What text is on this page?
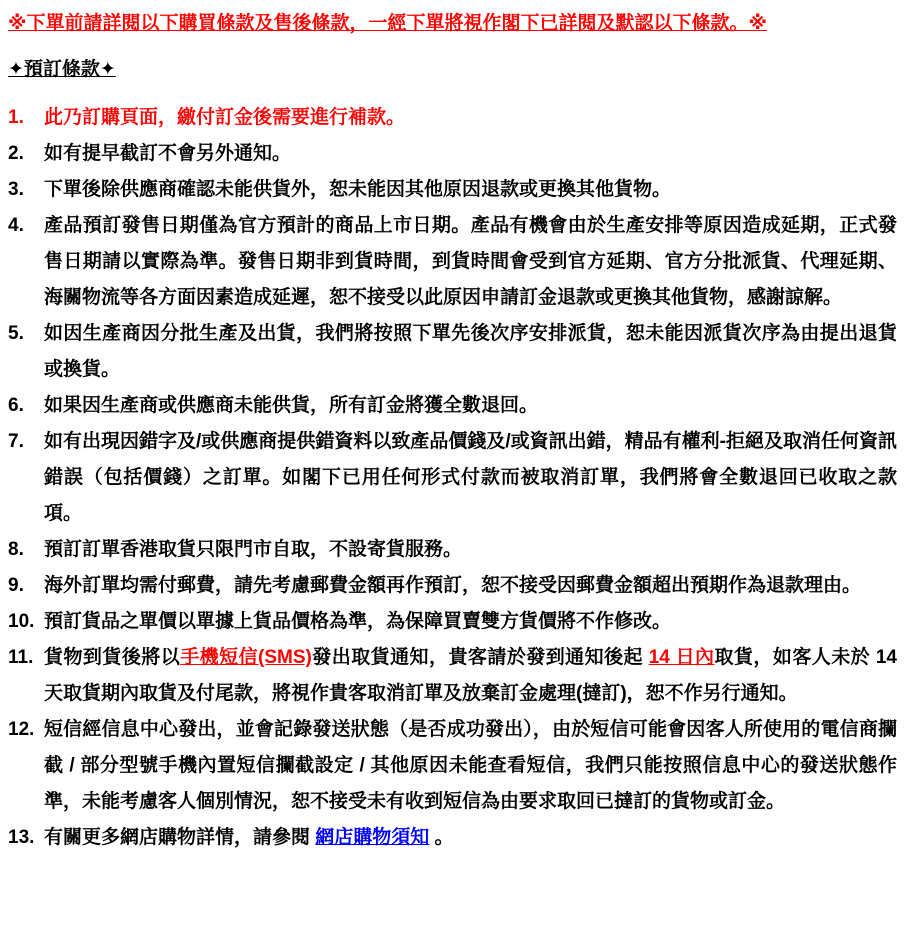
※下單前請詳閱以下購買條款及售後條款，一經下單將視作閣下已詳閱及默認以下條款。※
✦預訂條款✦
1.	此乃訂購頁面，繳付訂金後需要進行補款。
2.	如有提早截訂不會另外通知。
3.	下單後除供應商確認未能供貨外，恕未能因其他原因退款或更換其他貨物。
4.	產品預訂發售日期僅為官方預計的商品上市日期。產品有機會由於生產安排等原因造成延期，正式發售日期請以實際為準。發售日期非到貨時間，到貨時間會受到官方延期、官方分批派貨、代理延期、海關物流等各方面因素造成延遲，恕不接受以此原因申請訂金退款或更換其他貨物，感謝諒解。
5.	如因生產商因分批生產及出貨，我們將按照下單先後次序安排派貨，恕未能因派貨次序為由提出退貨或換貨。
6.	如果因生產商或供應商未能供貨，所有訂金將獲全數退回。
7.	如有出現因錯字及/或供應商提供錯資料以致產品價錢及/或資訊出錯，精品有權利-拒絕及取消任何資訊錯誤（包括價錢）之訂單。如閣下已用任何形式付款而被取消訂單，我們將會全數退回已收取之款項。
8.	預訂訂單香港取貨只限門市自取，不設寄貨服務。
9.	海外訂單均需付郵費，請先考慮郵費金額再作預訂，恕不接受因郵費金額超出預期作為退款理由。
10. 預訂貨品之單價以單據上貨品價格為準，為保障買賣雙方貨價將不作修改。
11. 貨物到貨後將以手機短信(SMS)發出取貨通知，貴客請於發到通知後起 14 日內取貨，如客人未於 14 天取貨期內取貨及付尾款，將視作貴客取消訂單及放棄訂金處理(撻訂)，恕不作另行通知。
12. 短信經信息中心發出，並會記錄發送狀態（是否成功發出），由於短信可能會因客人所使用的電信商攔截 / 部分型號手機內置短信攔截設定 / 其他原因未能查看短信，我們只能按照信息中心的發送狀態作準，未能考慮客人個別情況，恕不接受未有收到短信為由要求取回已撻訂的貨物或訂金。
13. 有關更多網店購物詳情，請參閱 網店購物須知 。
